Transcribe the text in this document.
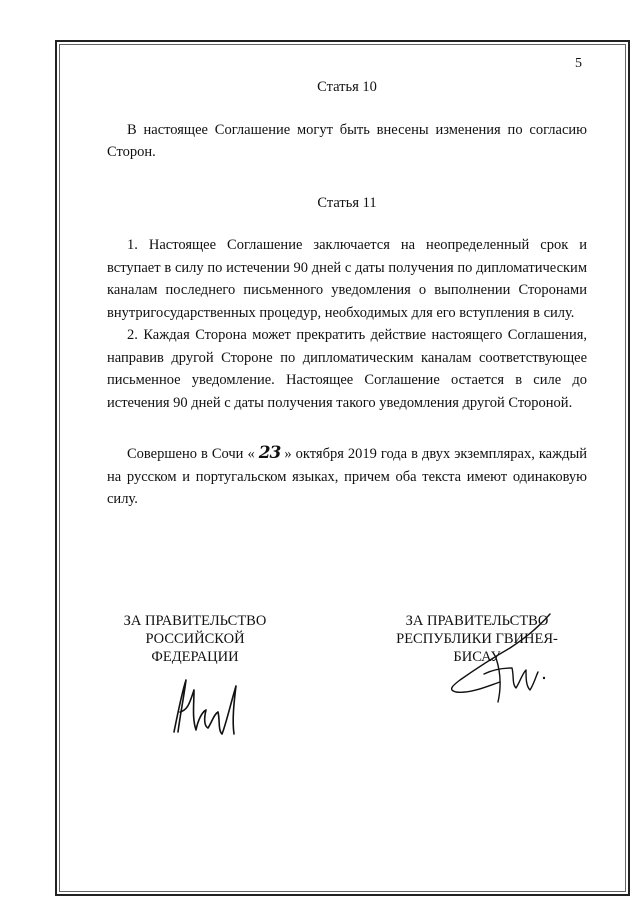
5
Статья 10

В настоящее Соглашение могут быть внесены изменения по согласию Сторон.

Статья 11

1. Настоящее Соглашение заключается на неопределенный срок и вступает в силу по истечении 90 дней с даты получения по дипломатическим каналам последнего письменного уведомления о выполнении Сторонами внутригосударственных процедур, необходимых для его вступления в силу.

2. Каждая Сторона может прекратить действие настоящего Соглашения, направив другой Стороне по дипломатическим каналам соответствующее письменное уведомление. Настоящее Соглашение остается в силе до истечения 90 дней с даты получения такого уведомления другой Стороной.

Совершено в Сочи « 23 » октября 2019 года в двух экземплярах, каждый на русском и португальском языках, причем оба текста имеют одинаковую силу.

ЗА ПРАВИТЕЛЬСТВО
РОССИЙСКОЙ
ФЕДЕРАЦИИ
ЗА ПРАВИТЕЛЬСТВО
РЕСПУБЛИКИ ГВИНЕЯ-
БИСАУ
